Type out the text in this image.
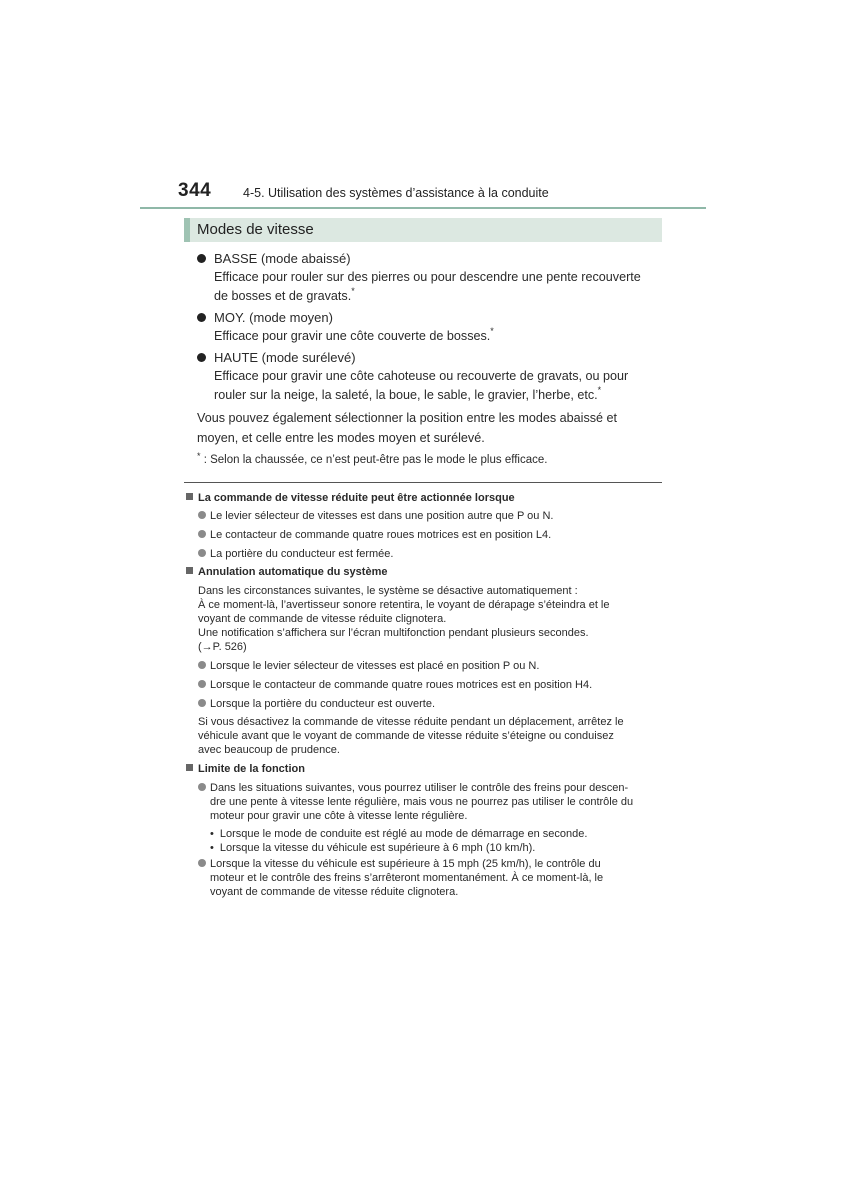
344	4-5. Utilisation des systèmes d’assistance à la conduite
Modes de vitesse
BASSE (mode abaissé)
Efficace pour rouler sur des pierres ou pour descendre une pente recouverte
de bosses et de gravats.*
MOY. (mode moyen)
Efficace pour gravir une côte couverte de bosses.*
HAUTE (mode surélevé)
Efficace pour gravir une côte cahoteuse ou recouverte de gravats, ou pour
rouler sur la neige, la saleté, la boue, le sable, le gravier, l’herbe, etc.*
Vous pouvez également sélectionner la position entre les modes abaissé et
moyen, et celle entre les modes moyen et surélevé.
* : Selon la chaussée, ce n’est peut-être pas le mode le plus efficace.
La commande de vitesse réduite peut être actionnée lorsque
Le levier sélecteur de vitesses est dans une position autre que P ou N.
Le contacteur de commande quatre roues motrices est en position L4.
La portière du conducteur est fermée.
Annulation automatique du système
Dans les circonstances suivantes, le système se désactive automatiquement :
À ce moment-là, l’avertisseur sonore retentira, le voyant de dérapage s’éteindra et le
voyant de commande de vitesse réduite clignotera.
Une notification s’affichera sur l’écran multifonction pendant plusieurs secondes.
(→P. 526)
Lorsque le levier sélecteur de vitesses est placé en position P ou N.
Lorsque le contacteur de commande quatre roues motrices est en position H4.
Lorsque la portière du conducteur est ouverte.
Si vous désactivez la commande de vitesse réduite pendant un déplacement, arrêtez le
véhicule avant que le voyant de commande de vitesse réduite s’éteigne ou conduisez
avec beaucoup de prudence.
Limite de la fonction
Dans les situations suivantes, vous pourrez utiliser le contrôle des freins pour descen-
dre une pente à vitesse lente régulière, mais vous ne pourrez pas utiliser le contrôle du
moteur pour gravir une côte à vitesse lente régulière.
• Lorsque le mode de conduite est réglé au mode de démarrage en seconde.
• Lorsque la vitesse du véhicule est supérieure à 6 mph (10 km/h).
Lorsque la vitesse du véhicule est supérieure à 15 mph (25 km/h), le contrôle du
moteur et le contrôle des freins s’arrêteront momentanément. À ce moment-là, le
voyant de commande de vitesse réduite clignotera.
